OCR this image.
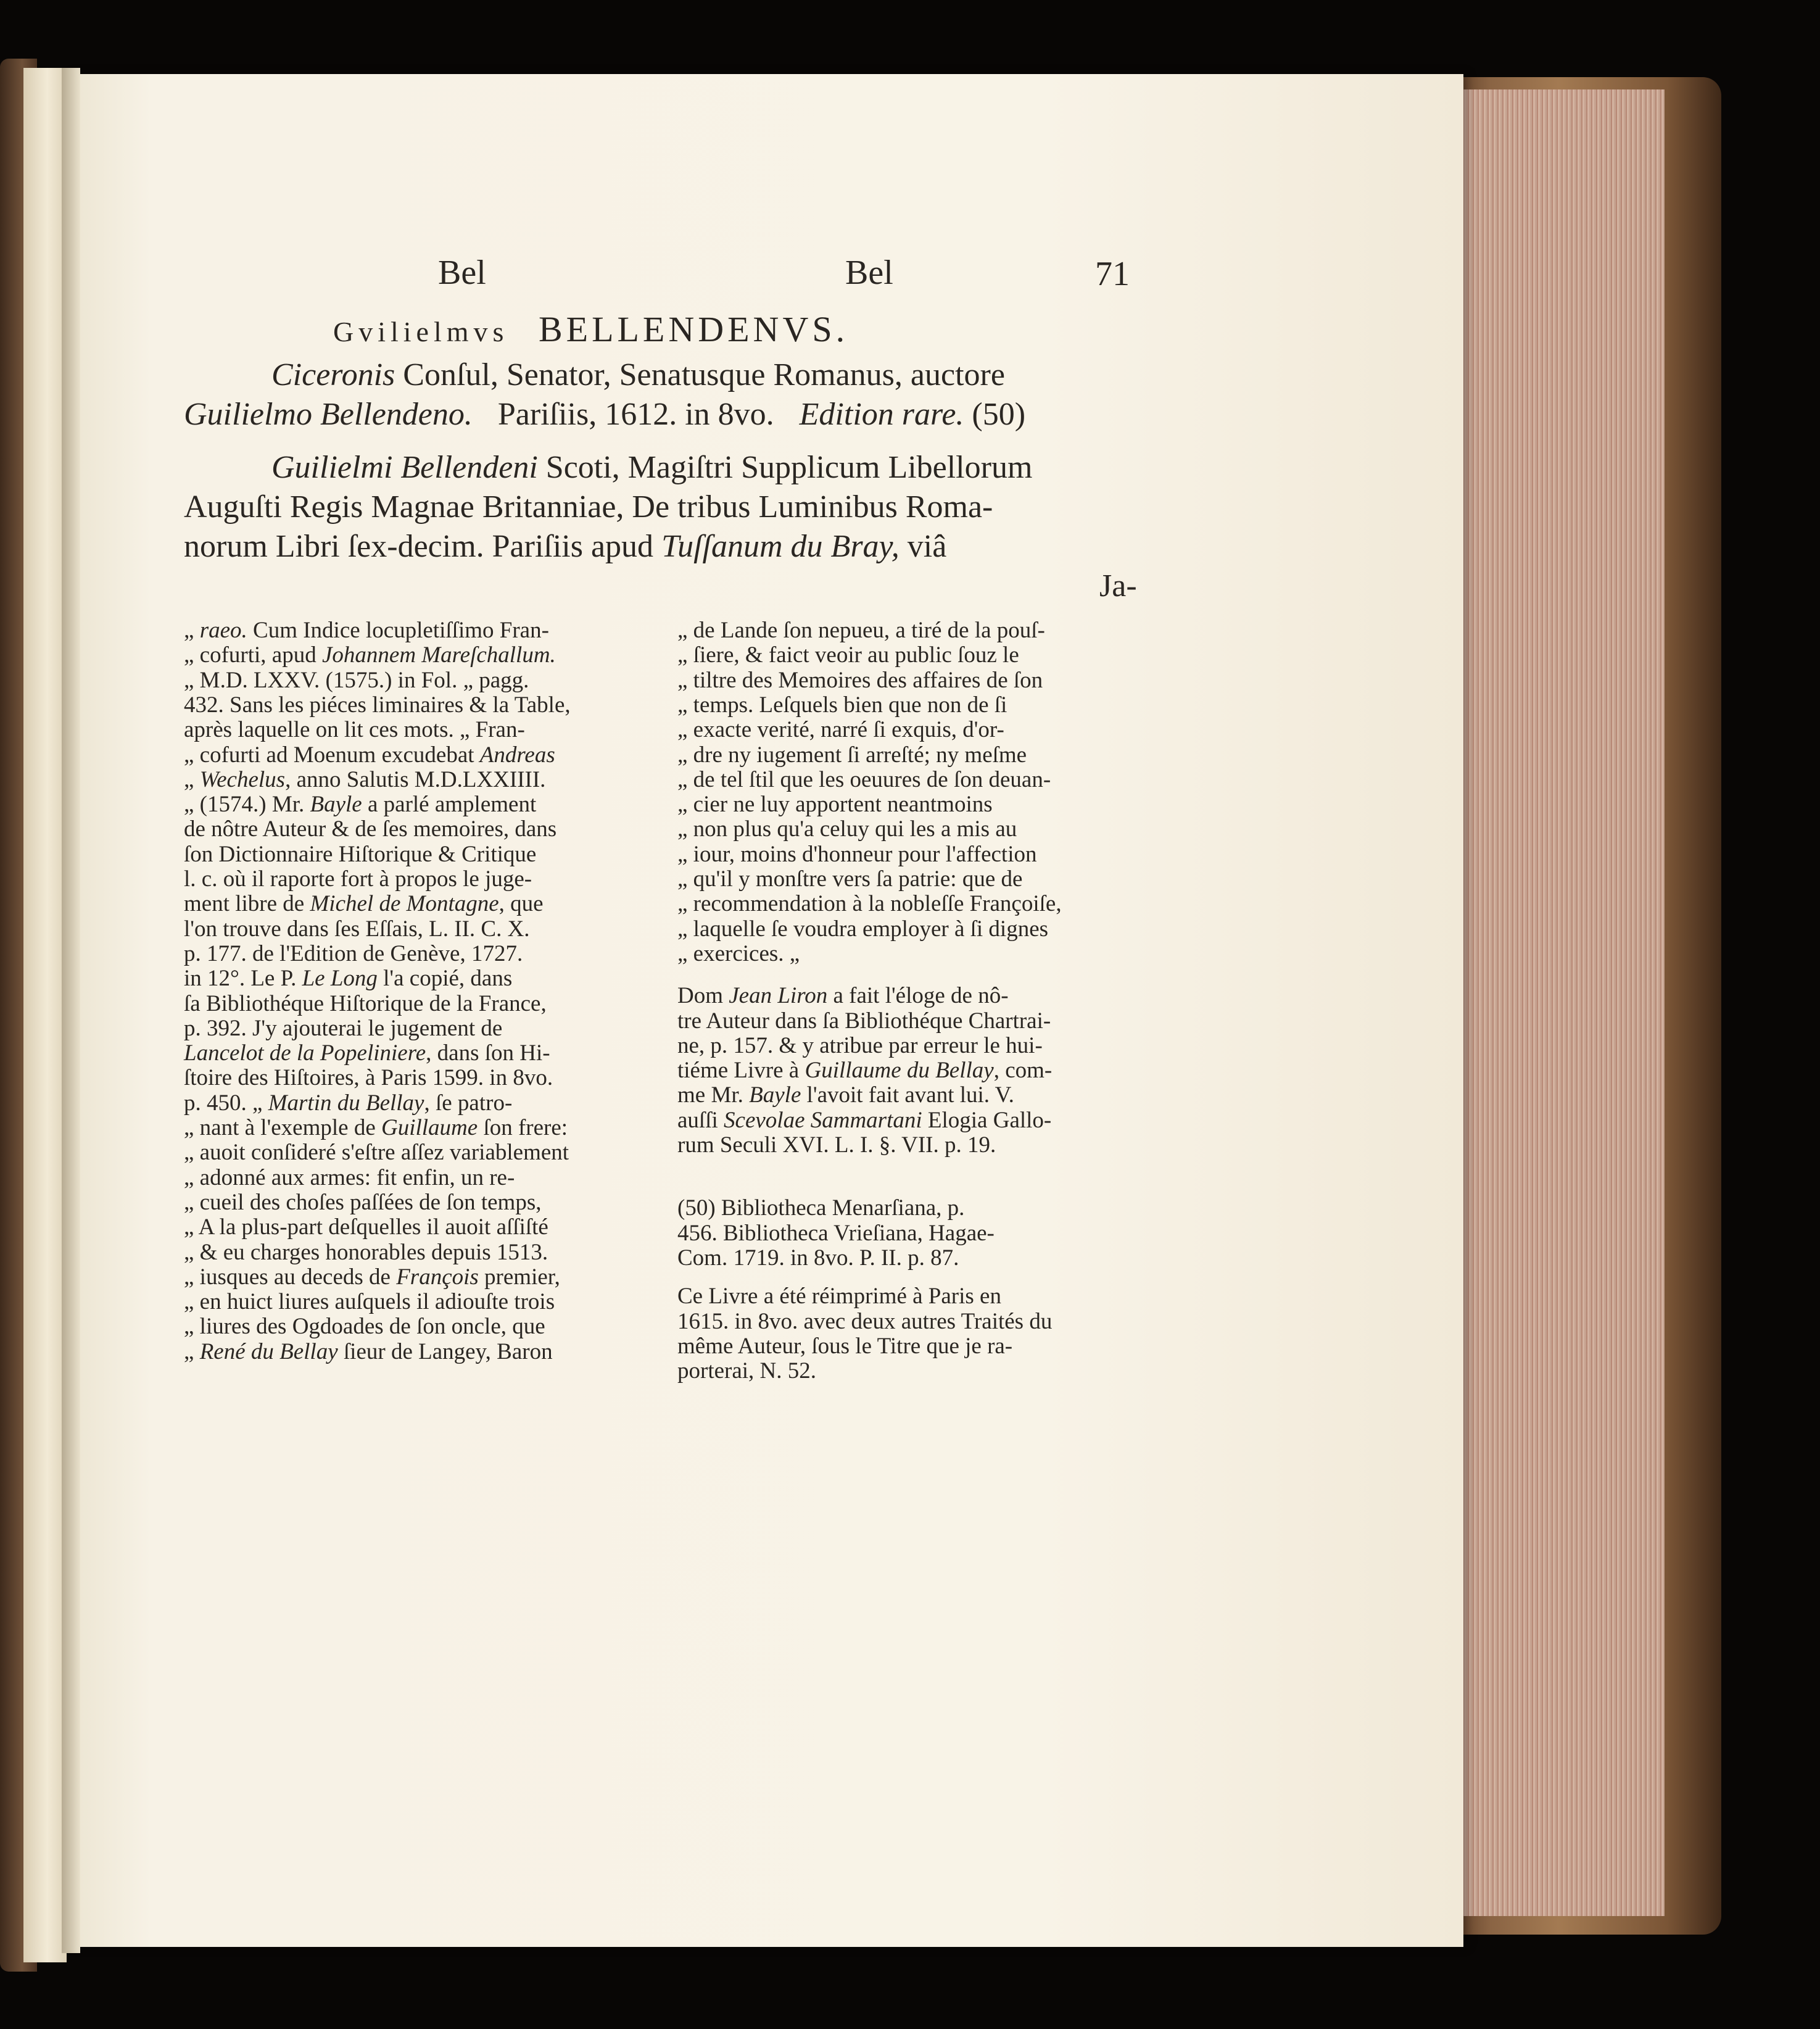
Bel	Bel	71
Gvilielmvs BELLENDENVS.
Ciceronis Conſul, Senator, Senatusque Romanus, auctore
Guilielmo Bellendeno. Pariſiis, 1612. in 8vo. Edition rare. (50)
Guilielmi Bellendeni Scoti, Magiſtri Supplicum Libellorum
Auguſti Regis Magnae Britanniae, De tribus Luminibus Roma-
norum Libri ſex-decim. Pariſiis apud Tuſſanum du Bray, viâ
Ja-
„ raeo. Cum Indice locupletiſſimo Fran-
„ cofurti, apud Johannem Mareſchallum.
„ M.D. LXXV. (1575.) in Fol. „ pagg.
432. Sans les piéces liminaires & la Table,
après laquelle on lit ces mots. „ Fran-
„ cofurti ad Moenum excudebat Andreas
„ Wechelus, anno Salutis M.D.LXXIIII.
„ (1574.) Mr. Bayle a parlé amplement
de nôtre Auteur & de ſes memoires, dans
ſon Dictionnaire Hiſtorique & Critique
l. c. où il raporte fort à propos le juge-
ment libre de Michel de Montagne, que
l'on trouve dans ſes Eſſais, L. II. C. X.
p. 177. de l'Edition de Genève, 1727.
in 12°. Le P. Le Long l'a copié, dans
ſa Bibliothéque Hiſtorique de la France,
p. 392. J'y ajouterai le jugement de
Lancelot de la Popeliniere, dans ſon Hi-
ſtoire des Hiſtoires, à Paris 1599. in 8vo.
p. 450. „ Martin du Bellay, ſe patro-
„ nant à l'exemple de Guillaume ſon frere:
„ auoit conſideré s'eſtre aſſez variablement
„ adonné aux armes: fit enfin, un re-
„ cueil des choſes paſſées de ſon temps,
„ A la plus-part deſquelles il auoit aſſiſté
„ & eu charges honorables depuis 1513.
„ iusques au deceds de François premier,
„ en huict liures auſquels il adiouſte trois
„ liures des Ogdoades de ſon oncle, que
„ René du Bellay ſieur de Langey, Baron
„ de Lande ſon nepueu, a tiré de la pouſ-
„ ſiere, & faict veoir au public ſouz le
„ tiltre des Memoires des affaires de ſon
„ temps. Leſquels bien que non de ſi
„ exacte verité, narré ſi exquis, d'or-
„ dre ny iugement ſi arreſté; ny meſme
„ de tel ſtil que les oeuures de ſon deuan-
„ cier ne luy apportent neantmoins
„ non plus qu'a celuy qui les a mis au
„ iour, moins d'honneur pour l'affection
„ qu'il y monſtre vers ſa patrie: que de
„ recommendation à la nobleſſe Françoiſe,
„ laquelle ſe voudra employer à ſi dignes
„ exercices. „
Dom Jean Liron a fait l'éloge de nô-
tre Auteur dans ſa Bibliothéque Chartrai-
ne, p. 157. & y atribue par erreur le hui-
tiéme Livre à Guillaume du Bellay, com-
me Mr. Bayle l'avoit fait avant lui. V.
auſſi Scevolae Sammartani Elogia Gallo-
rum Seculi XVI. L. I. §. VII. p. 19.
(50) Bibliotheca Menarſiana, p.
456. Bibliotheca Vrieſiana, Hagae-
Com. 1719. in 8vo. P. II. p. 87.
Ce Livre a été réimprimé à Paris en
1615. in 8vo. avec deux autres Traités du
même Auteur, ſous le Titre que je ra-
porterai, N. 52.
